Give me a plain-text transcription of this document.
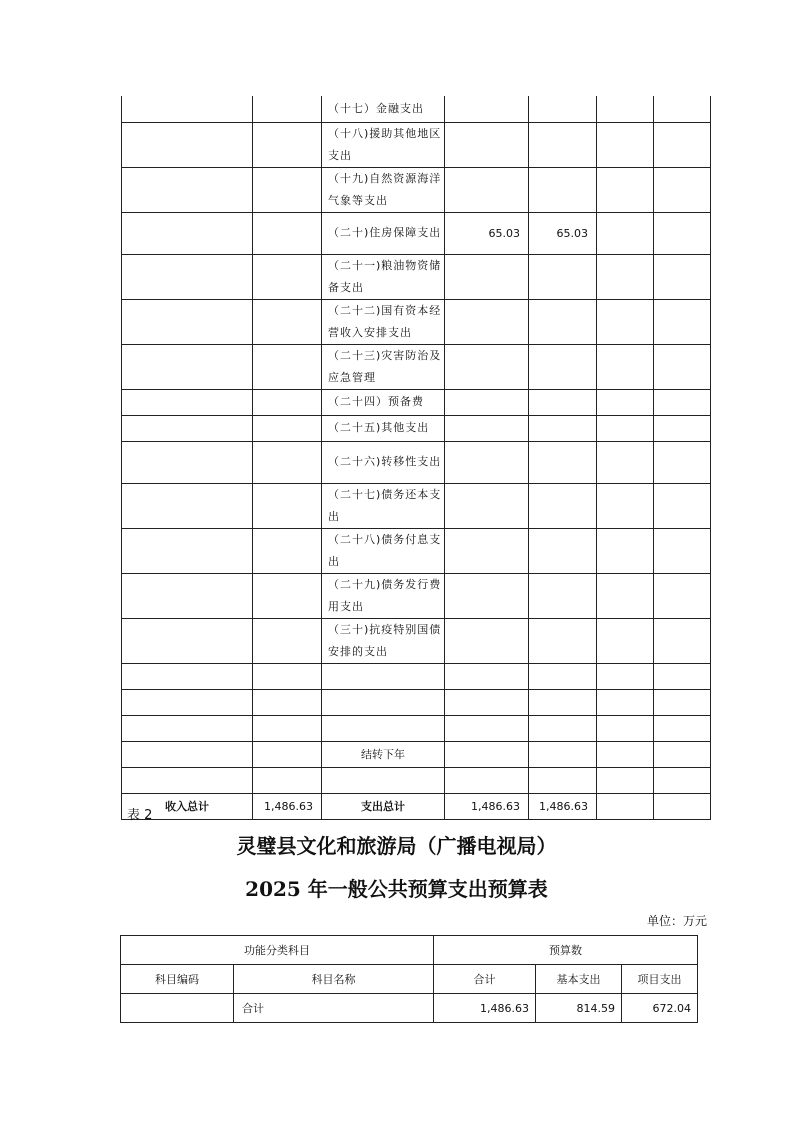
		（十七）金融支出				
		（十八)援助其他地区支出				
		（十九)自然资源海洋气象等支出				
		（二十)住房保障支出	65.03	65.03		
		（二十一)粮油物资储备支出				
		（二十二)国有资本经营收入安排支出				
		（二十三)灾害防治及应急管理				
		（二十四）预备费				
		（二十五)其他支出				
		（二十六)转移性支出				
		（二十七)债务还本支出				
		（二十八)债务付息支出				
		（二十九)债务发行费用支出				
		（三十)抗疫特别国债安排的支出				

		结转下年				

收入总计	1,486.63	支出总计	1,486.63	1,486.63		
表 2
灵璧县文化和旅游局（广播电视局）
2025 年一般公共预算支出预算表
单位：万元
功能分类科目		预算数		
科目编码	科目名称	合计	基本支出	项目支出
	合计	1,486.63	814.59	672.04
